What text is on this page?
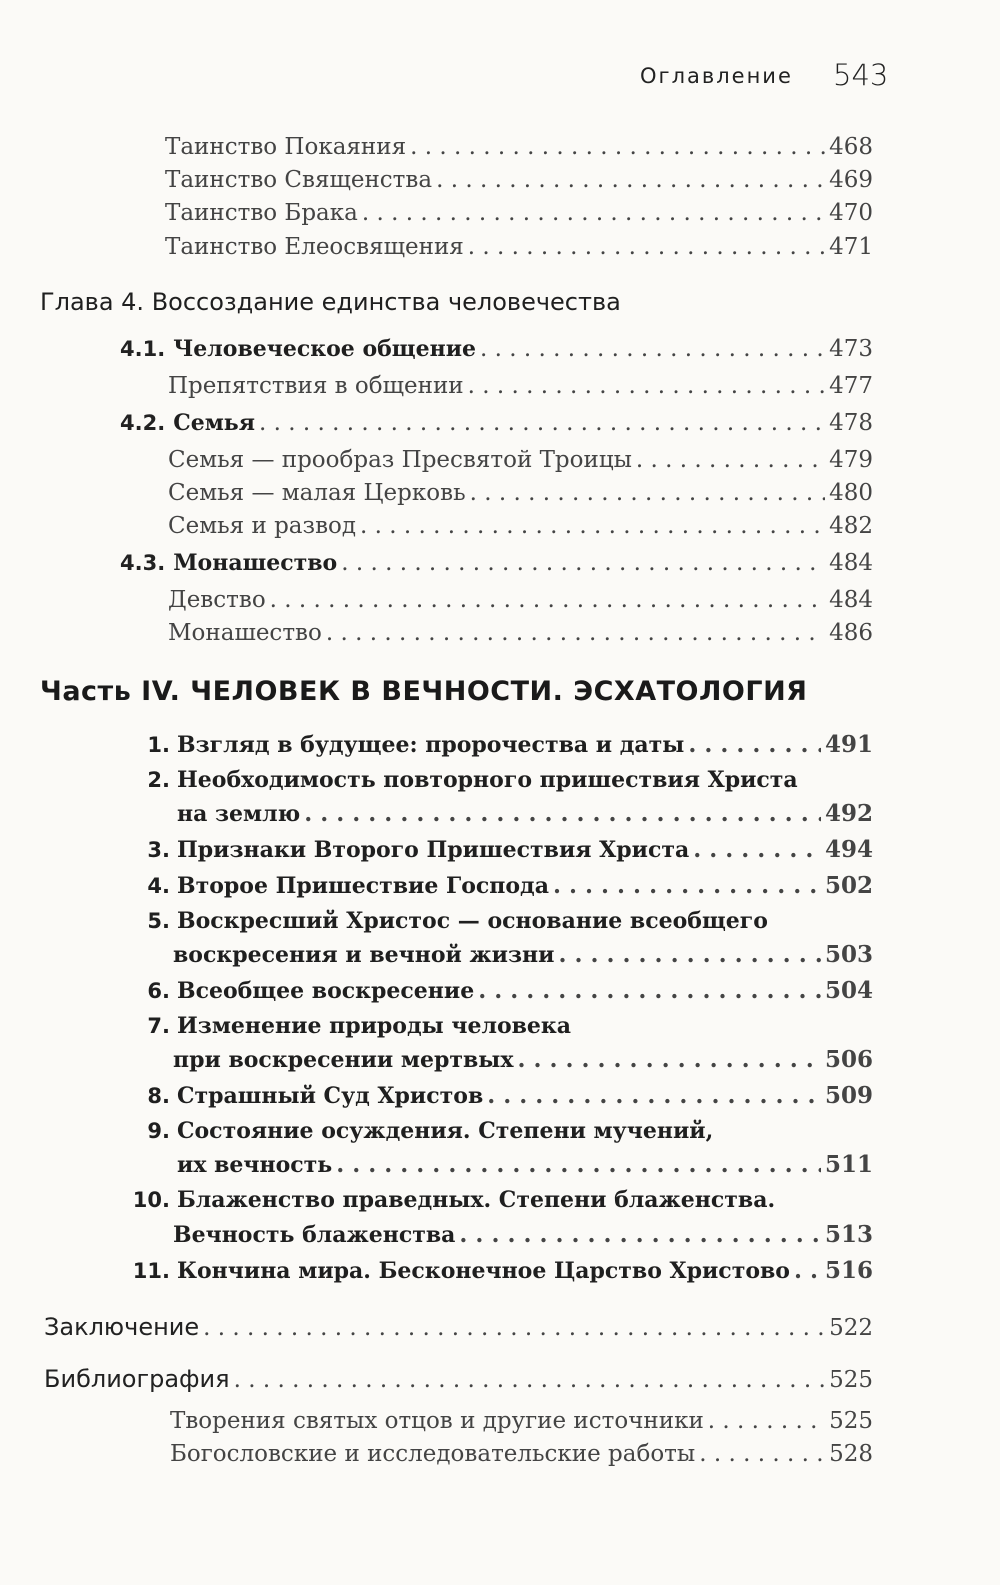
Оглавление 543
Таинство Покаяния . . .	468
Таинство Священства . . .	469
Таинство Брака . . .	470
Таинство Елеосвящения . . .	471
Глава 4. Воссоздание единства человечества
4.1. Человеческое общение . . .	473
Препятствия в общении . . .	477
4.2. Семья . . .	478
Семья — прообраз Пресвятой Троицы . . .	479
Семья — малая Церковь . . .	480
Семья и развод . . .	482
4.3. Монашество . . .	484
Девство . . .	484
Монашество . . .	486
Часть IV. ЧЕЛОВЕК В ВЕЧНОСТИ. ЭСХАТОЛОГИЯ
1. Взгляд в будущее: пророчества и даты . . .	491
2. Необходимость повторного пришествия Христа
на землю . . .	492
3. Признаки Второго Пришествия Христа . . .	494
4. Второе Пришествие Господа . . .	502
5. Воскресший Христос — основание всеобщего
воскресения и вечной жизни . . .	503
6. Всеобщее воскресение . . .	504
7. Изменение природы человека
при воскресении мертвых . . .	506
8. Страшный Суд Христов . . .	509
9. Состояние осуждения. Степени мучений,
их вечность . . .	511
10. Блаженство праведных. Степени блаженства.
Вечность блаженства . . .	513
11. Кончина мира. Бесконечное Царство Христово . . . 516
Заключение . . .	522
Библиография . . .	525
Творения святых отцов и другие источники . . .	525
Богословские и исследовательские работы . . .	528
